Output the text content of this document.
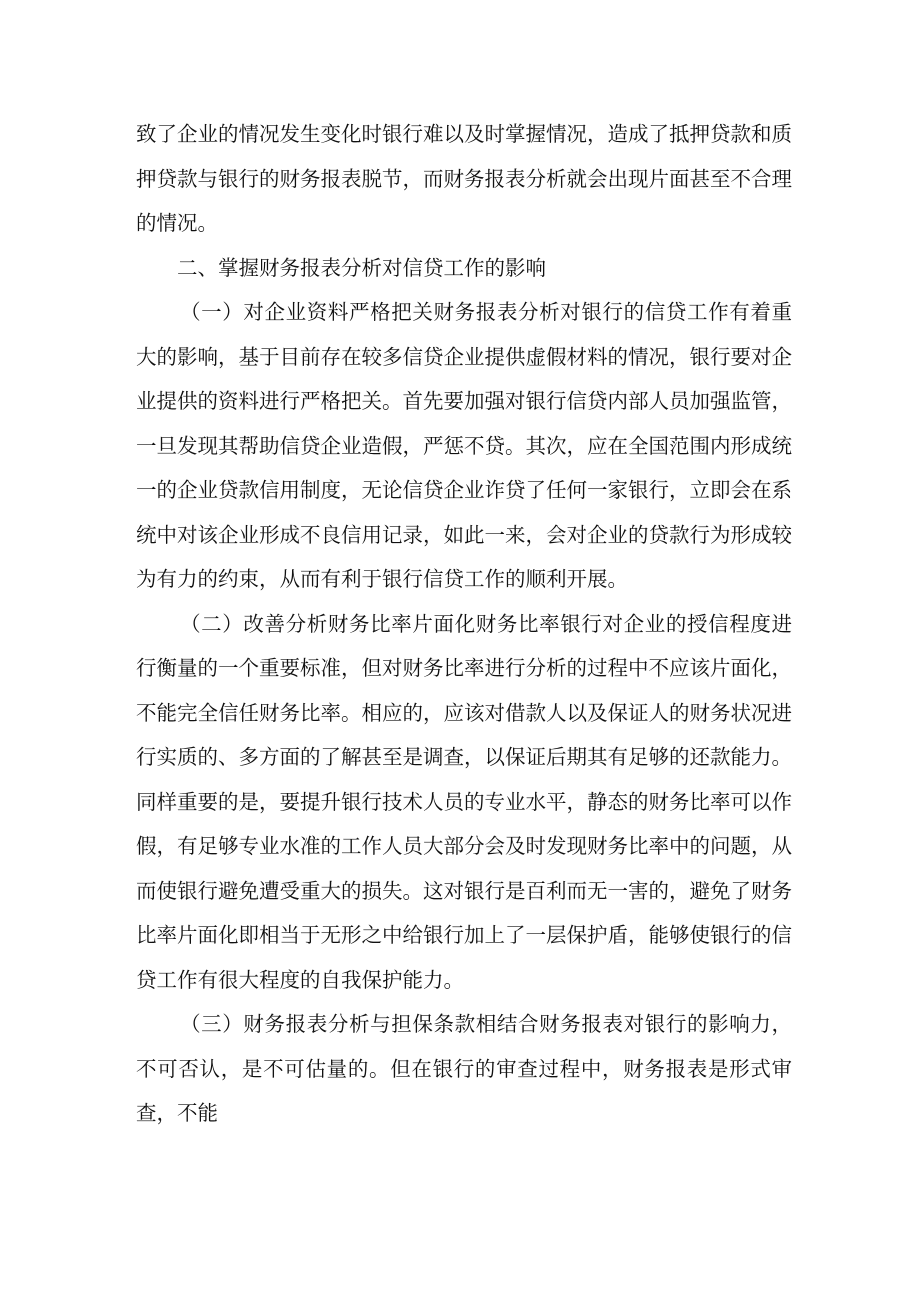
致了企业的情况发生变化时银行难以及时掌握情况，造成了抵押贷款和质押贷款与银行的财务报表脱节，而财务报表分析就会出现片面甚至不合理的情况。

二、掌握财务报表分析对信贷工作的影响

（一）对企业资料严格把关财务报表分析对银行的信贷工作有着重大的影响，基于目前存在较多信贷企业提供虚假材料的情况，银行要对企业提供的资料进行严格把关。首先要加强对银行信贷内部人员加强监管，一旦发现其帮助信贷企业造假，严惩不贷。其次，应在全国范围内形成统一的企业贷款信用制度，无论信贷企业诈贷了任何一家银行，立即会在系统中对该企业形成不良信用记录，如此一来，会对企业的贷款行为形成较为有力的约束，从而有利于银行信贷工作的顺利开展。

（二）改善分析财务比率片面化财务比率银行对企业的授信程度进行衡量的一个重要标准，但对财务比率进行分析的过程中不应该片面化，不能完全信任财务比率。相应的，应该对借款人以及保证人的财务状况进行实质的、多方面的了解甚至是调查，以保证后期其有足够的还款能力。同样重要的是，要提升银行技术人员的专业水平，静态的财务比率可以作假，有足够专业水准的工作人员大部分会及时发现财务比率中的问题，从而使银行避免遭受重大的损失。这对银行是百利而无一害的，避免了财务比率片面化即相当于无形之中给银行加上了一层保护盾，能够使银行的信贷工作有很大程度的自我保护能力。

（三）财务报表分析与担保条款相结合财务报表对银行的影响力，不可否认，是不可估量的。但在银行的审查过程中，财务报表是形式审查，不能
